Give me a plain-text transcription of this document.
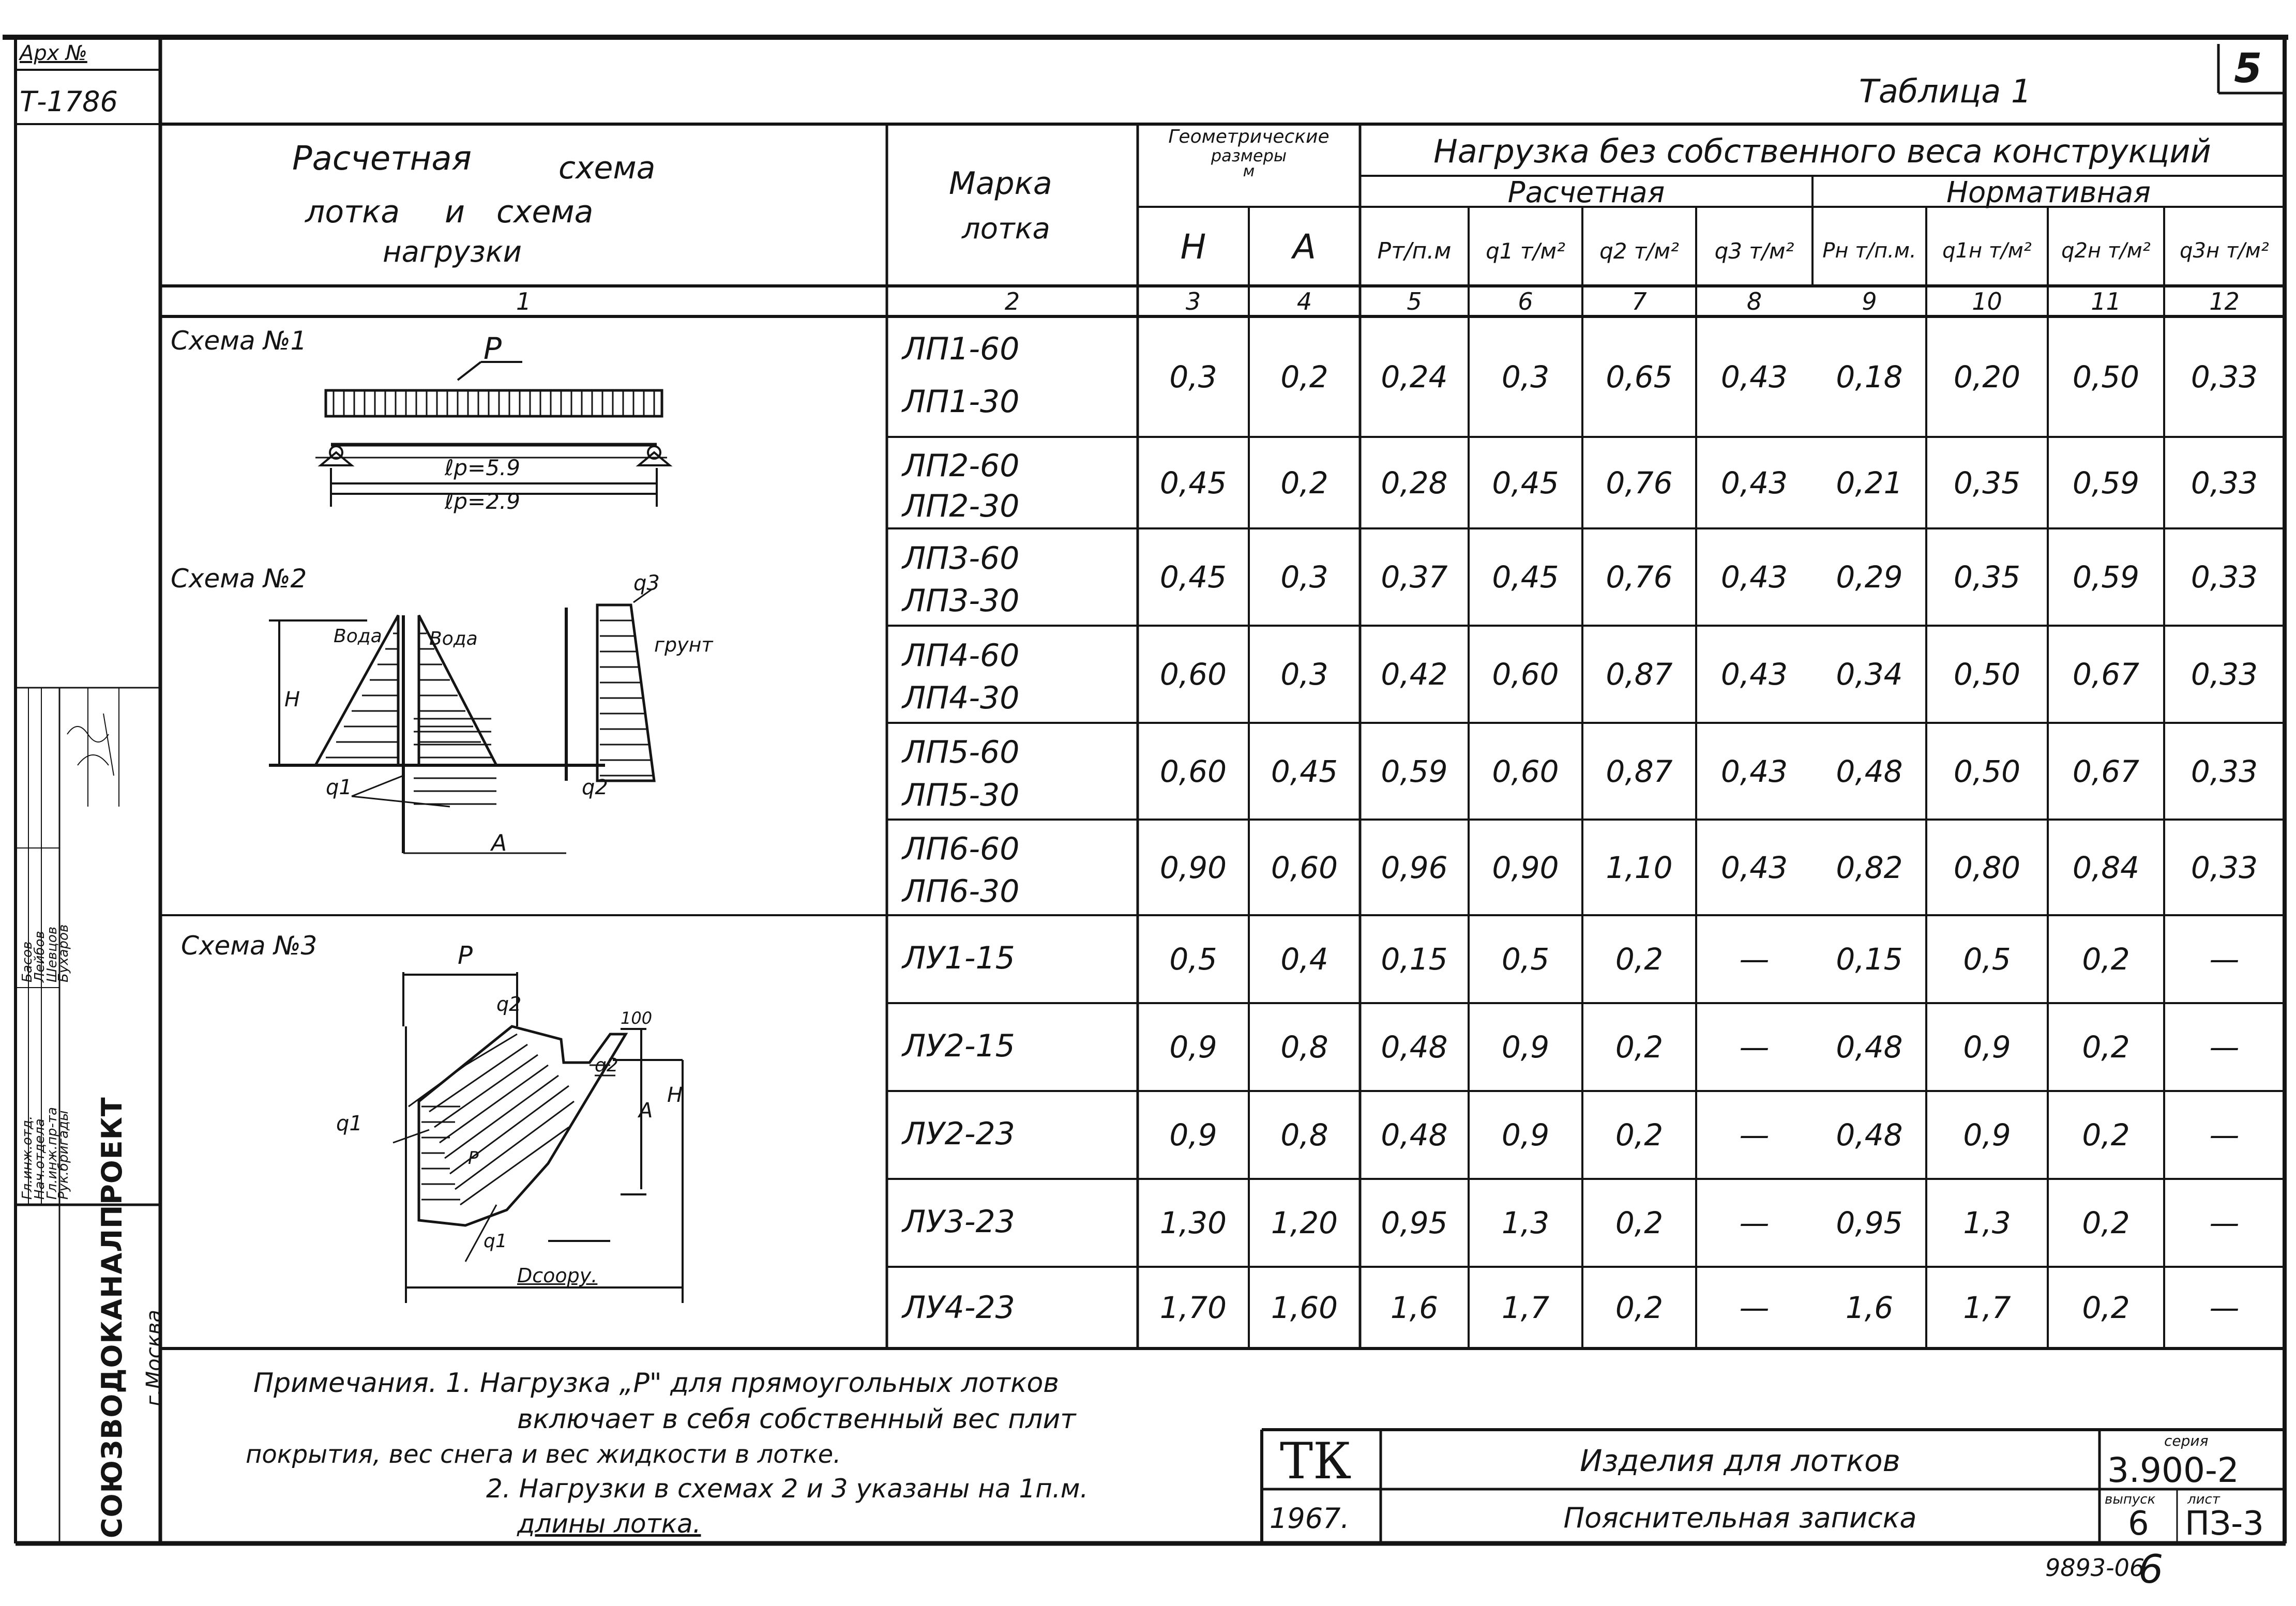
Арх №
Т-1786
СОЮЗВОДОКАНАЛПРОЕКТ г.Москва
Гл.инж.отд.
Нач.отдела
Гл.инж.пр-та
Рук.бригады
Басов
Лейбов
Шевцов
Бухаров
5
Таблица 1
Расчетная	схема
лотка и схема
нагрузки
Марка
лотка
Геометрические
размеры
м
Нагрузка без собственного веса конструкций
Расчетная	Нормативная
H	A	Pт/п.м	q1 т/м²	q2 т/м²	q3 т/м²	Pн т/п.м.	q1н т/м²	q2н т/м²	q3н т/м²
1	2	3	4	5	6	7	8	9	10	11	12
Схема №1	P
ℓр=5.9
ℓр=2.9
Схема №2	q3
Вода	Вода	грунт
H
q1	q2
A
Схема №3	P
q2
100
q1
q2
A
H
P
q1
Dсоору.
ЛП1-60
ЛП1-30
0,3	0,2	0,24	0,3	0,65	0,43	0,18	0,20	0,50	0,33
ЛП2-60
ЛП2-30
0,45	0,2	0,28	0,45	0,76	0,43	0,21	0,35	0,59	0,33
ЛП3-60
ЛП3-30
0,45	0,3	0,37	0,45	0,76	0,43	0,29	0,35	0,59	0,33
ЛП4-60
ЛП4-30
0,60	0,3	0,42	0,60	0,87	0,43	0,34	0,50	0,67	0,33
ЛП5-60
ЛП5-30
0,60	0,45	0,59	0,60	0,87	0,43	0,48	0,50	0,67	0,33
ЛП6-60
ЛП6-30
0,90	0,60	0,96	0,90	1,10	0,43	0,82	0,80	0,84	0,33
ЛУ1-15	0,5	0,4	0,15	0,5	0,2	—	0,15	0,5	0,2	—
ЛУ2-15	0,9	0,8	0,48	0,9	0,2	—	0,48	0,9	0,2	—
ЛУ2-23	0,9	0,8	0,48	0,9	0,2	—	0,48	0,9	0,2	—
ЛУ3-23	1,30	1,20	0,95	1,3	0,2	—	0,95	1,3	0,2	—
ЛУ4-23	1,70	1,60	1,6	1,7	0,2	—	1,6	1,7	0,2	—
Примечания. 1. Нагрузка „Р" для прямоугольных лотков
включает в себя собственный вес плит
покрытия, вес снега и вес жидкости в лотке.
2. Нагрузки в схемах 2 и 3 указаны на 1п.м.
длины лотка.
ТК
1967.
Изделия для лотков
Пояснительная записка
серия
3.900-2
выпуск лист
6 ПЗ-3
9893-06
6
